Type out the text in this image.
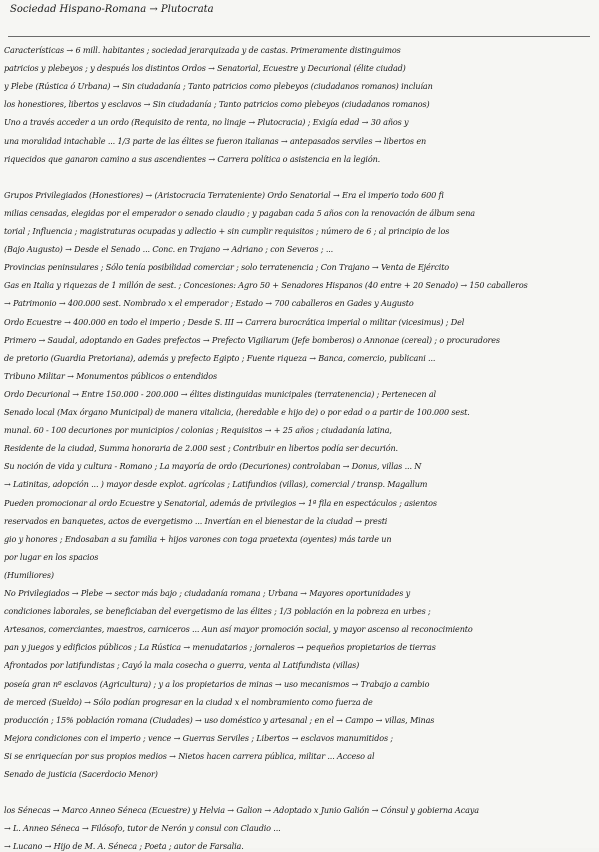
Sociedad Hispano-Romana → Plutocrata
Características → 6 mill. habitantes ; sociedad jerarquizada y de castas. Primeramente distinguimos
patricios y plebeyos ; y después los distintos Ordos → Senatorial, Ecuestre y Decurional (élite ciudad)
y Plebe (Rústica ó Urbana) → Sin ciudadanía ; Tanto patricios como plebeyos (ciudadanos romanos) incluían
los honestiores, libertos y esclavos → Sin ciudadanía ; Tanto patricios como plebeyos (ciudadanos romanos)
Uno a través acceder a un ordo (Requisito de renta, no linaje → Plutocracia) ; Exigía edad → 30 años y
una moralidad intachable ... 1/3 parte de las élites se fueron italianas → antepasados serviles → libertos en
riquecidos que ganaron camino a sus ascendientes → Carrera política o asistencia en la legión.
Grupos Privilegiados (Honestiores) → (Aristocracia Terrateniente) Ordo Senatorial → Era el imperio todo 600 fi
milias censadas, elegidas por el emperador o senado claudio ; y pagaban cada 5 años con la renovación de álbum sena
torial ; Influencia ; magistraturas ocupadas y adlectio + sin cumplir requisitos ; número de 6 ; al principio de los
(Bajo Augusto) → Desde el Senado ... Conc. en Trajano → Adriano ; con Severos ; ...
Provincias peninsulares ; Sólo tenía posibilidad comerciar ; solo terratenencia ; Con Trajano → Venta de Ejército
Gas en Italia y riquezas de 1 millón de sest. ; Concesiones: Agro 50 + Senadores Hispanos (40 entre + 20 Senado) → 150 caballeros
→ Patrimonio → 400.000 sest. Nombrado x el emperador ; Estado → 700 caballeros en Gades y Augusto
Ordo Ecuestre → 400.000 en todo el imperio ; Desde S. III → Carrera burocrática imperial o militar (vicesimus) ; Del
Primero → Saudal, adoptando en Gades prefectos → Prefecto Vigiliarum (Jefe bomberos) o Annonae (cereal) ; o procuradores
de pretorio (Guardia Pretoriana), además y prefecto Egipto ; Fuente riqueza → Banca, comercio, publicani ...
Tribuno Militar → Monumentos públicos o entendidos
Ordo Decurional → Entre 150.000 - 200.000 → élites distinguidas municipales (terratenencia) ; Pertenecen al
Senado local (Max órgano Municipal) de manera vitalicia, (heredable e hijo de) o por edad o a partir de 100.000 sest.
munal. 60 - 100 decuriones por municipios / colonias ; Requisitos → + 25 años ; ciudadanía latina,
Residente de la ciudad, Summa honoraria de 2.000 sest ; Contribuir en libertos podía ser decurión.
Su noción de vida y cultura - Romano ; La mayoría de ordo (Decuriones) controlaban → Donus, villas ... N
→ Latinitas, adopción ... ) mayor desde explot. agrícolas ; Latifundios (villas), comercial / transp. Magallum
Pueden promocionar al ordo Ecuestre y Senatorial, además de privilegios → 1ª fila en espectáculos ; asientos
reservados en banquetes, actos de evergetismo ... Invertían en el bienestar de la ciudad → presti
gio y honores ; Endosaban a su familia + hijos varones con toga praetexta (oyentes) más tarde un
por lugar en los spacios
(Humiliores)
No Privilegiados → Plebe → sector más bajo ; ciudadanía romana ; Urbana → Mayores oportunidades y
condiciones laborales, se beneficiaban del evergetismo de las élites ; 1/3 población en la pobreza en urbes ;
Artesanos, comerciantes, maestros, carniceros ... Aun así mayor promoción social, y mayor ascenso al reconocimiento
pan y juegos y edificios públicos ; La Rústica → menudatarios ; jornaleros → pequeños propietarios de tierras
Afrontados por latifundistas ; Cayó la mala cosecha o guerra, venta al Latifundista (villas)
poseía gran nº esclavos (Agricultura) ; y a los propietarios de minas → uso mecanismos → Trabajo a cambio
de merced (Sueldo) → Sólo podían progresar en la ciudad x el nombramiento como fuerza de
producción ; 15% población romana (Ciudades) → uso doméstico y artesanal ; en el → Campo → villas, Minas
Mejora condiciones con el imperio ; vence → Guerras Serviles ; Libertos → esclavos manumitidos ;
Si se enriquecían por sus propios medios → Nietos hacen carrera pública, militar ... Acceso al
Senado de justicia (Sacerdocio Menor)
los Sénecas → Marco Anneo Séneca (Ecuestre) y Helvia → Galion → Adoptado x Junio Galión → Cónsul y gobierna Acaya
→ L. Anneo Séneca → Filósofo, tutor de Nerón y consul con Claudio ...
→ Lucano → Hijo de M. A. Séneca ; Poeta ; autor de Farsalia.
